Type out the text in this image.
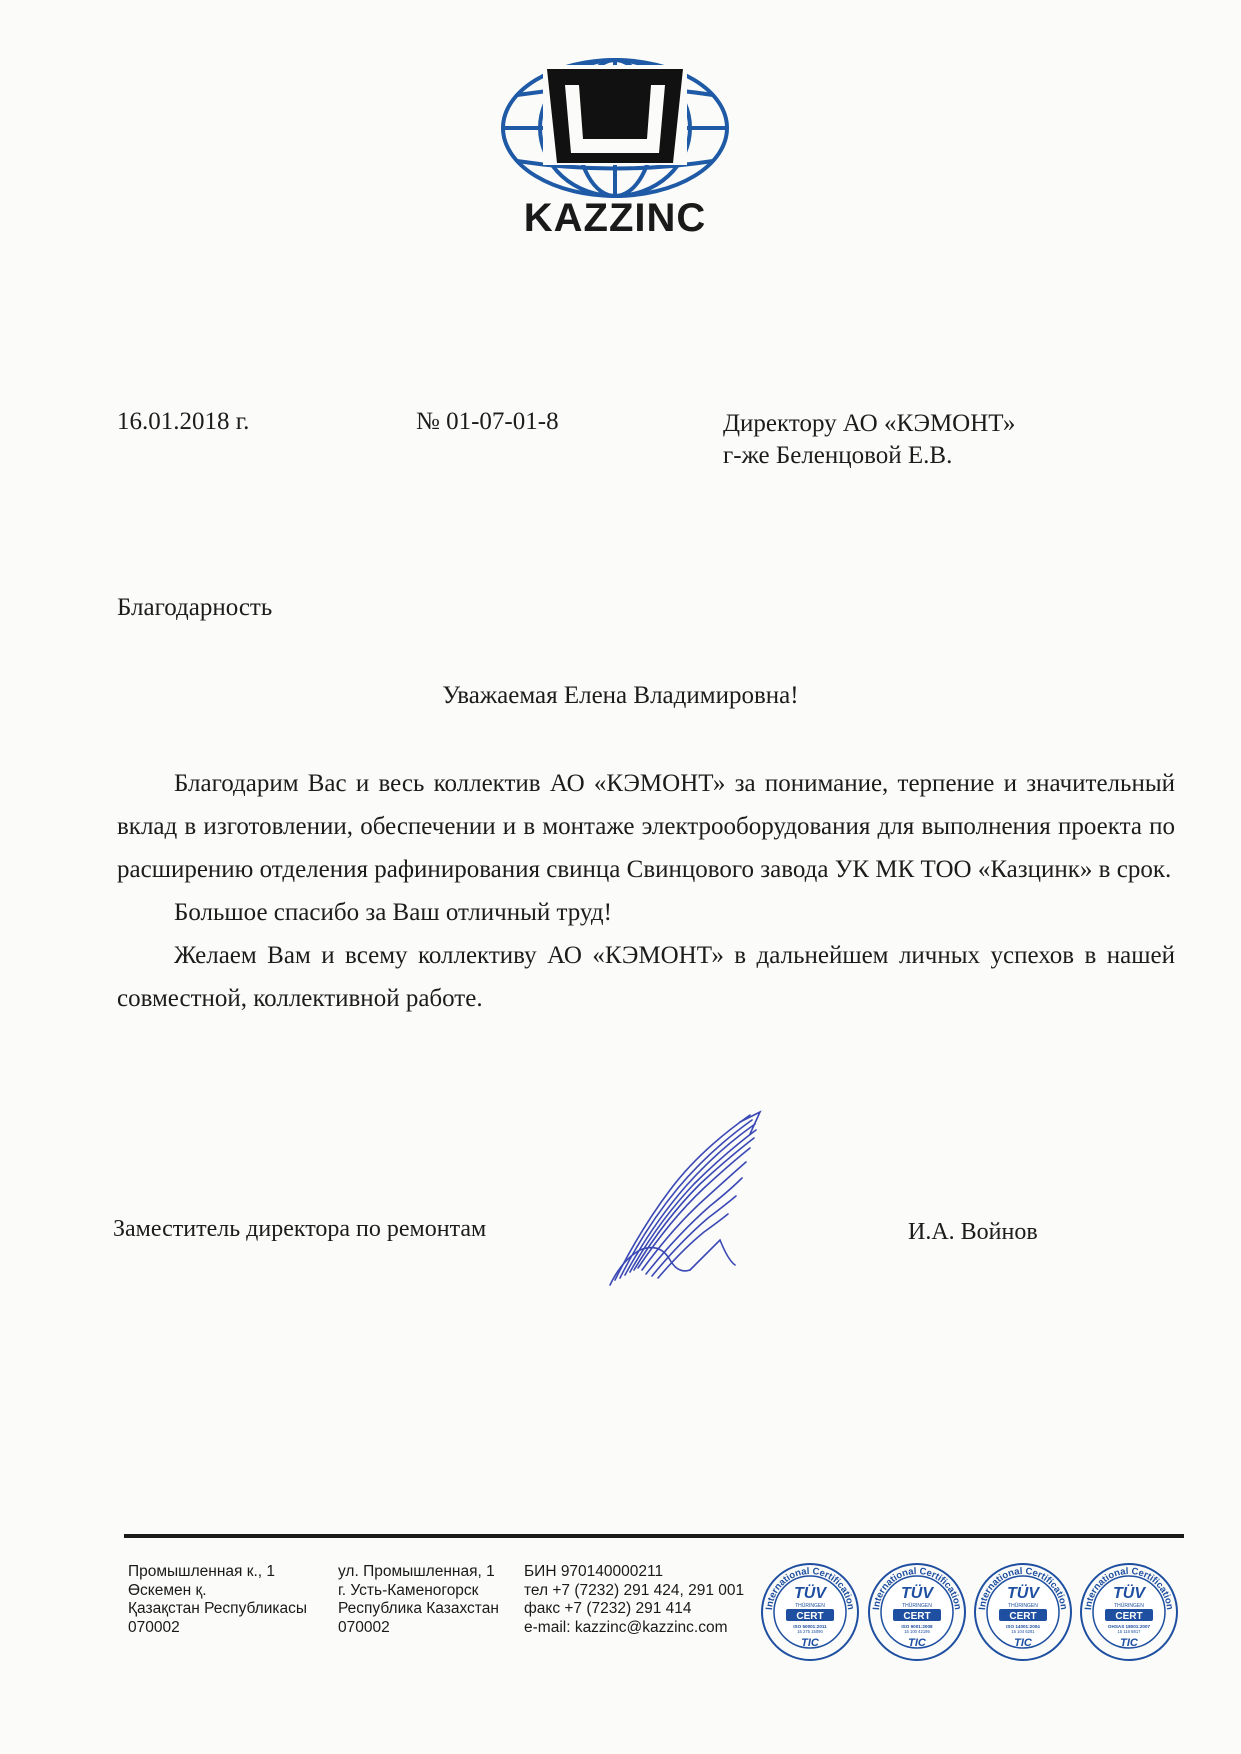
KAZZINC
16.01.2018 г.	№ 01-07-01-8	Директору АО «КЭМОНТ»
г-же Беленцовой Е.В.
Благодарность
Уважаемая Елена Владимировна!

Благодарим Вас и весь коллектив АО «КЭМОНТ» за понимание, терпение и значительный вклад в изготовлении, обеспечении и в монтаже электрооборудования для выполнения проекта по расширению отделения рафинирования свинца Свинцового завода УК МК ТОО «Казцинк» в срок.

Большое спасибо за Ваш отличный труд!

Желаем Вам и всему коллективу АО «КЭМОНТ» в дальнейшем личных успехов в нашей совместной, коллективной работе.

Заместитель директора по ремонтам	И.А. Войнов
Промышленная к., 1
Өскемен қ.
Қазақстан Республикасы
070002
ул. Промышленная, 1
г. Усть-Каменогорск
Республика Казахстан
070002
БИН 970140000211
тел +7 (7232) 291 424, 291 001
факс +7 (7232) 291 414
e-mail: kazzinc@kazzinc.com
International Certification
TÜV
THÜRINGEN
CERT
ISO 50001:2011
15 275 15090
TIC
International Certification
TÜV
THÜRINGEN
CERT
ISO 9001:2008
15 100 42195
TIC
International Certification
TÜV
THÜRINGEN
CERT
ISO 14001:2004
15 104 6281
TIC
International Certification
TÜV
THÜRINGEN
CERT
OHSAS 18001:2007
15 116 8817
TIC
